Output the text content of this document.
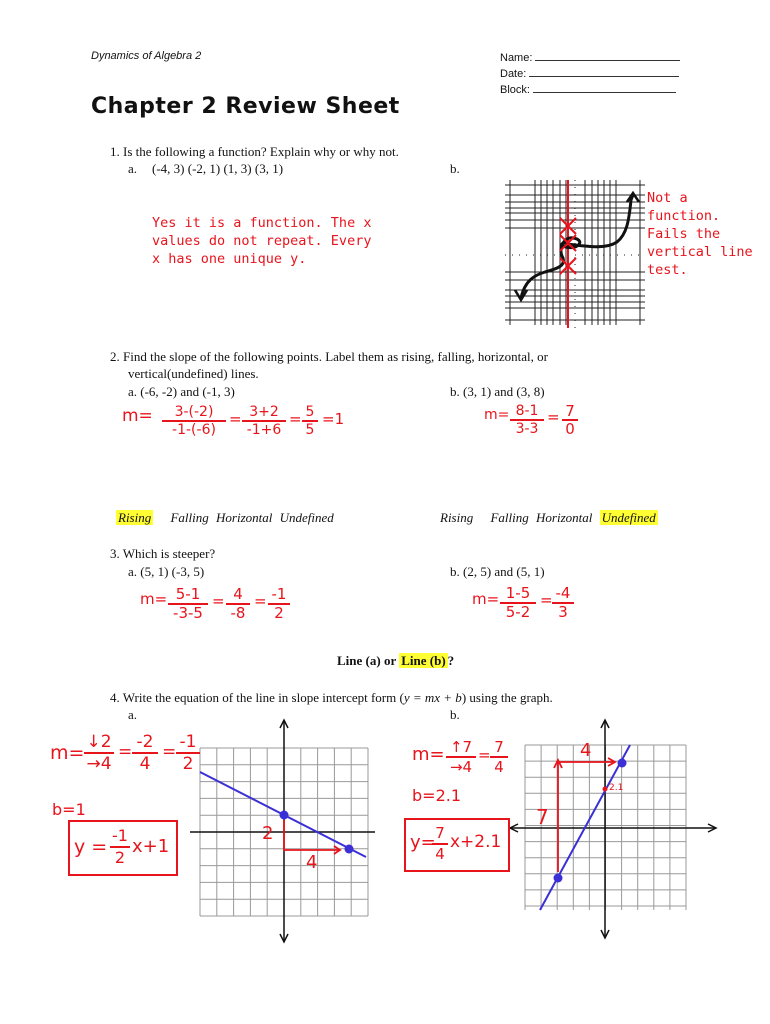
Dynamics of Algebra 2	Name:
Date:
Block:
Chapter 2 Review Sheet
1. Is the following a function? Explain why or why not.
a. (-4, 3) (-2, 1) (1, 3) (3, 1)	b.
Yes it is a function. The x
values do not repeat. Every
x has one unique y.
Not a
function.
Fails the
vertical line
test.
2. Find the slope of the following points. Label them as rising, falling, horizontal, or
vertical(undefined) lines.
a. (-6, -2) and (-1, 3)	b. (3, 1) and (3, 8)
$m= \frac{3-(-2)}{-1-(-6)} = \frac{3+2}{-1+6} = \frac{5}{5} =1$	$m= \frac{8-1}{3-3} = \frac{7}{0}$
Rising Falling Horizontal Undefined	Rising Falling Horizontal Undefined
3. Which is steeper?
a. (5, 1) (-3, 5)	b. (2, 5) and (5, 1)
$m= \frac{5-1}{-3-5} = \frac{4}{-8} = \frac{-1}{2}$	$m= \frac{1-5}{5-2} = \frac{-4}{3}$
Line (a) or Line (b) ?
4. Write the equation of the line in slope intercept form (y = mx + b) using the graph.
a.	b.
2
4
$m= \frac{↓2}{\to 4} = \frac{-2}{4} = \frac{-1}{2}$
b=1
$y = \frac{-1}{2} x+1$
4
7
2.1
$m= \frac{↑7}{\to 4} = \frac{7}{4}$
b=2.1
y=
$\frac{7}{4} x+2.1$
